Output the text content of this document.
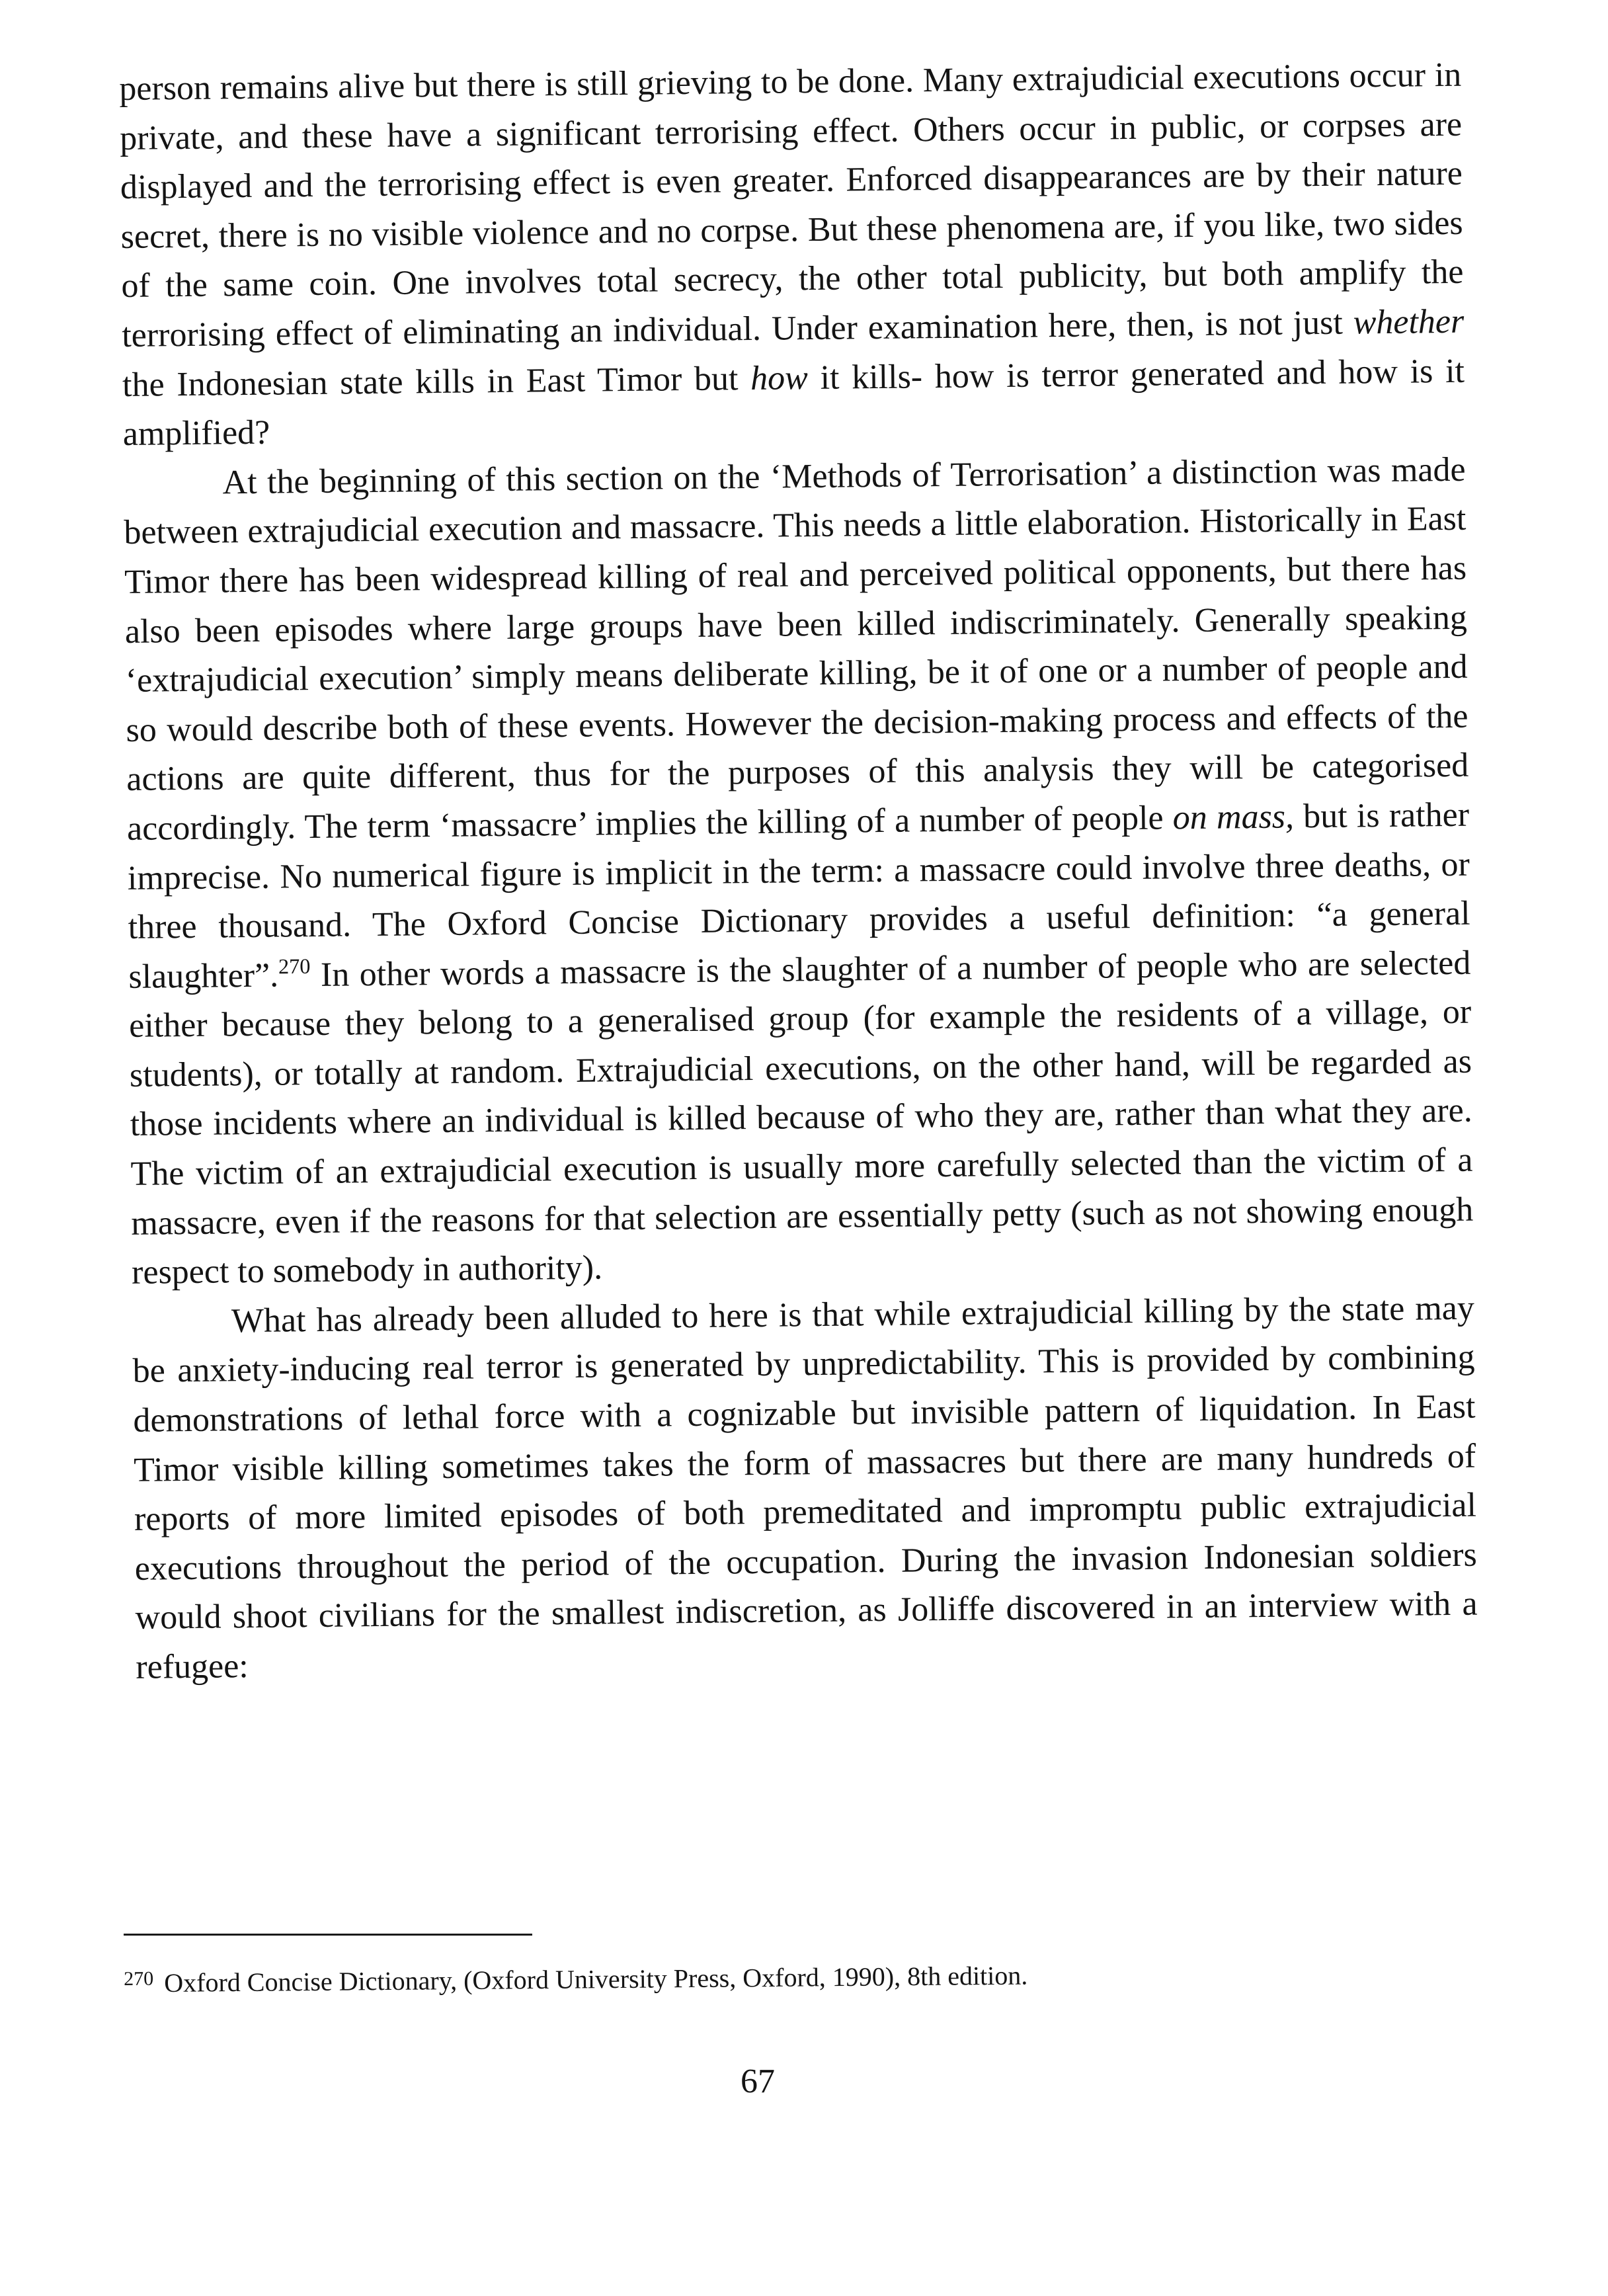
person remains alive but there is still grieving to be done. Many extrajudicial executions occur in private, and these have a significant terrorising effect. Others occur in public, or corpses are displayed and the terrorising effect is even greater. Enforced disappearances are by their nature secret, there is no visible violence and no corpse. But these phenomena are, if you like, two sides of the same coin. One involves total secrecy, the other total publicity, but both amplify the terrorising effect of eliminating an individual. Under examination here, then, is not just whether the Indonesian state kills in East Timor but how it kills- how is terror generated and how is it amplified?

At the beginning of this section on the ‘Methods of Terrorisation’ a distinction was made between extrajudicial execution and massacre. This needs a little elaboration. Historically in East Timor there has been widespread killing of real and perceived political opponents, but there has also been episodes where large groups have been killed indiscriminately. Generally speaking ‘extrajudicial execution’ simply means deliberate killing, be it of one or a number of people and so would describe both of these events. However the decision-making process and effects of the actions are quite different, thus for the purposes of this analysis they will be categorised accordingly. The term ‘massacre’ implies the killing of a number of people on mass, but is rather imprecise. No numerical figure is implicit in the term: a massacre could involve three deaths, or three thousand. The Oxford Concise Dictionary provides a useful definition: “a general slaughter”.$^{270}$ In other words a massacre is the slaughter of a number of people who are selected either because they belong to a generalised group (for example the residents of a village, or students), or totally at random. Extrajudicial executions, on the other hand, will be regarded as those incidents where an individual is killed because of who they are, rather than what they are. The victim of an extrajudicial execution is usually more carefully selected than the victim of a massacre, even if the reasons for that selection are essentially petty (such as not showing enough respect to somebody in authority).

What has already been alluded to here is that while extrajudicial killing by the state may be anxiety-inducing real terror is generated by unpredictability. This is provided by combining demonstrations of lethal force with a cognizable but invisible pattern of liquidation. In East Timor visible killing sometimes takes the form of massacres but there are many hundreds of reports of more limited episodes of both premeditated and impromptu public extrajudicial executions throughout the period of the occupation. During the invasion Indonesian soldiers would shoot civilians for the smallest indiscretion, as Jolliffe discovered in an interview with a refugee:

$^{270}$ Oxford Concise Dictionary, (Oxford University Press, Oxford, 1990), 8th edition.
67
